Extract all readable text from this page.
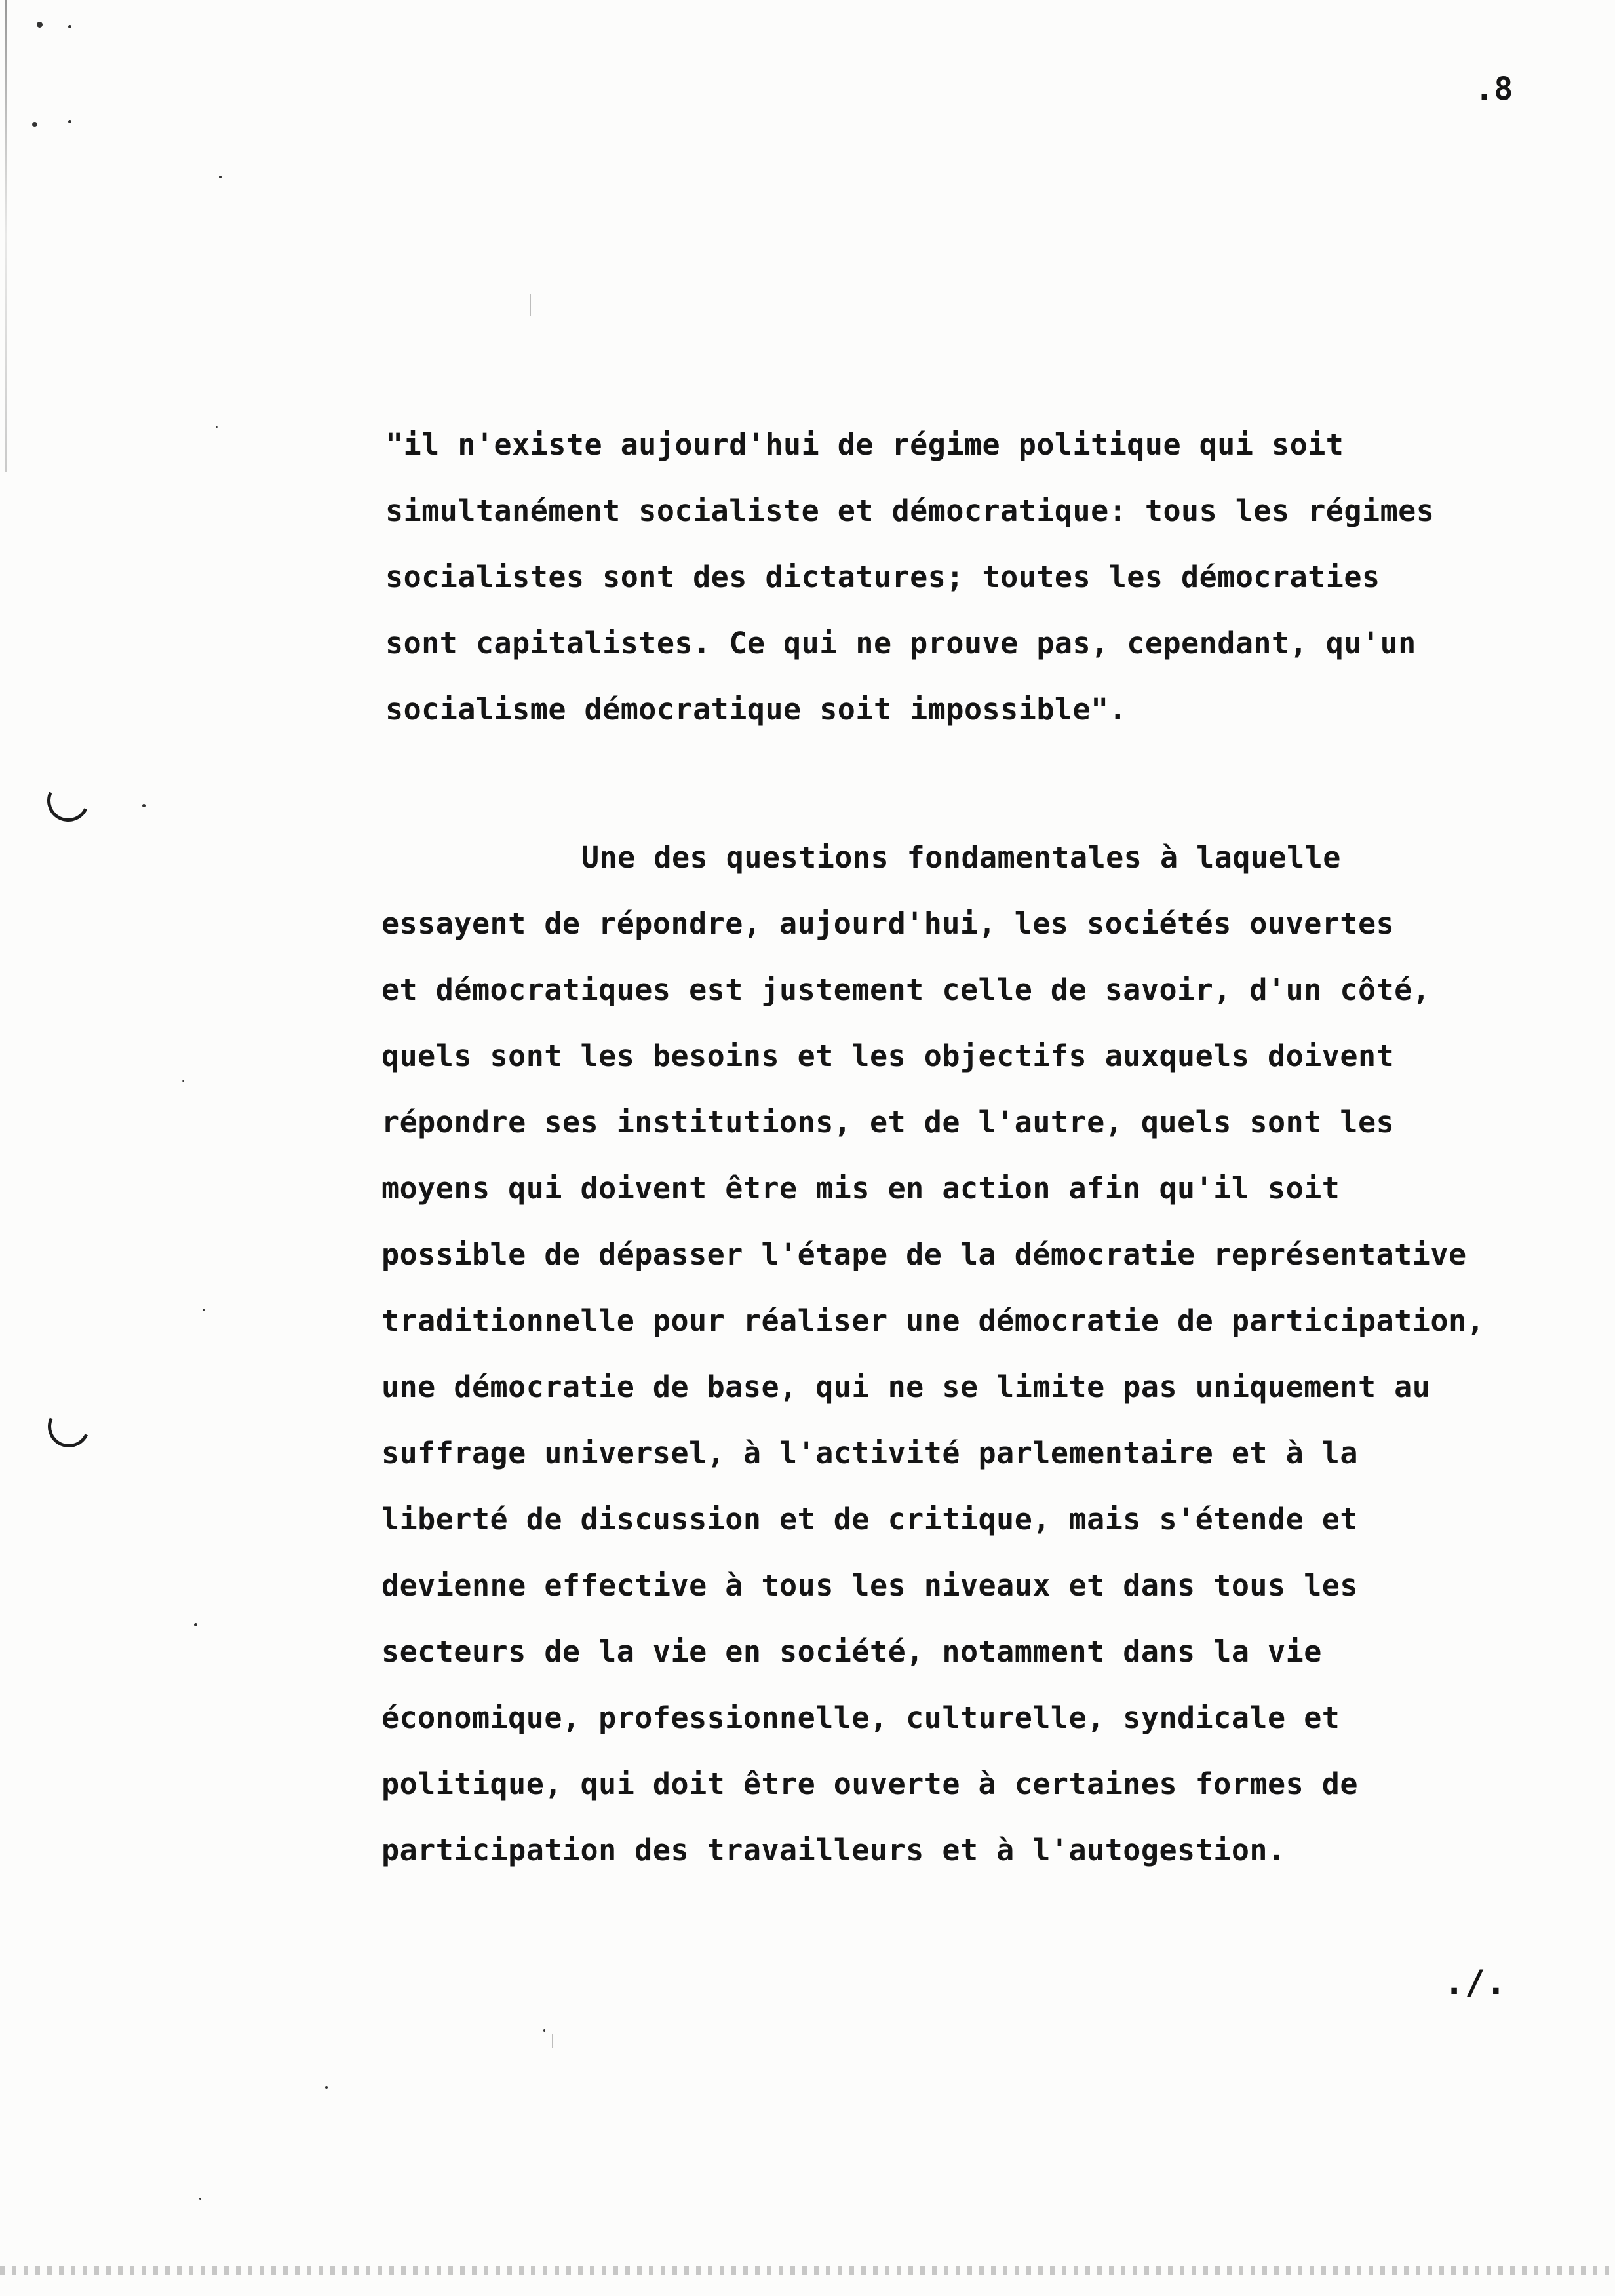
.8
"il n'existe aujourd'hui de régime politique qui soit
simultanément socialiste et démocratique: tous les régimes
socialistes sont des dictatures; toutes les démocraties
sont capitalistes. Ce qui ne prouve pas, cependant, qu'un
socialisme démocratique soit impossible".
Une des questions fondamentales à laquelle
essayent de répondre, aujourd'hui, les sociétés ouvertes
et démocratiques est justement celle de savoir, d'un côté,
quels sont les besoins et les objectifs auxquels doivent
répondre ses institutions, et de l'autre, quels sont les
moyens qui doivent être mis en action afin qu'il soit
possible de dépasser l'étape de la démocratie représentative
traditionnelle pour réaliser une démocratie de participation,
une démocratie de base, qui ne se limite pas uniquement au
suffrage universel, à l'activité parlementaire et à la
liberté de discussion et de critique, mais s'étende et
devienne effective à tous les niveaux et dans tous les
secteurs de la vie en société, notamment dans la vie
économique, professionnelle, culturelle, syndicale et
politique, qui doit être ouverte à certaines formes de
participation des travailleurs et à l'autogestion.
./.
